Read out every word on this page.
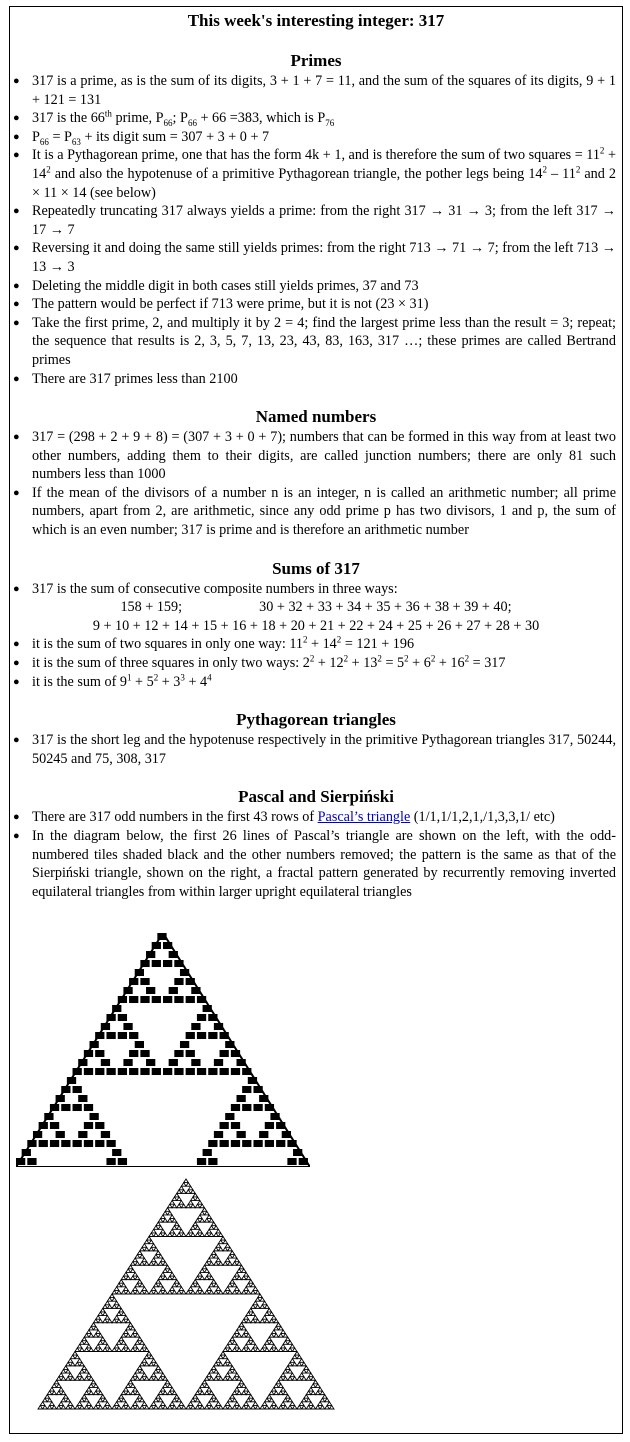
This week's interesting integer: 317
Primes
● 317 is a prime, as is the sum of its digits, 3 + 1 + 7 = 11, and the sum of the squares of its digits, 9 + 1 + 121 = 131
● 317 is the 66th prime, $P_{66}$; $P_{66} + 66 =383$, which is $P_{76}$
● $P_{66} = P_{63}$ + its digit sum = 307 + 3 + 0 + 7
● It is a Pythagorean prime, one that has the form 4k + 1, and is therefore the sum of two squares = $11^2 + 14^2$ and also the hypotenuse of a primitive Pythagorean triangle, the pother legs being $14^2 - 11^2$ and 2 × 11 × 14 (see below)
● Repeatedly truncating 317 always yields a prime: from the right 317 → 31 → 3; from the left 317 → 17 → 7
● Reversing it and doing the same still yields primes: from the right 713 → 71 → 7; from the left 713 → 13 → 3
● Deleting the middle digit in both cases still yields primes, 37 and 73
● The pattern would be perfect if 713 were prime, but it is not (23 × 31)
● Take the first prime, 2, and multiply it by 2 = 4; find the largest prime less than the result = 3; repeat; the sequence that results is 2, 3, 5, 7, 13, 23, 43, 83, 163, 317 …; these primes are called Bertrand primes
● There are 317 primes less than 2100
Named numbers
● 317 = (298 + 2 + 9 + 8) = (307 + 3 + 0 + 7); numbers that can be formed in this way from at least two other numbers, adding them to their digits, are called junction numbers; there are only 81 such numbers less than 1000
● If the mean of the divisors of a number n is an integer, n is called an arithmetic number; all prime numbers, apart from 2, are arithmetic, since any odd prime p has two divisors, 1 and p, the sum of which is an even number; 317 is prime and is therefore an arithmetic number
Sums of 317
● 317 is the sum of consecutive composite numbers in three ways:
158 + 159;	30 + 32 + 33 + 34 + 35 + 36 + 38 + 39 + 40;
9 + 10 + 12 + 14 + 15 + 16 + 18 + 20 + 21 + 22 + 24 + 25 + 26 + 27 + 28 + 30
● it is the sum of two squares in only one way: $11^2 + 14^2 = 121 + 196$
● it is the sum of three squares in only two ways: $2^2 + 12^2 + 13^2 = 5^2 + 6^2 + 16^2 = 317$
● it is the sum of $9^1 + 5^2 + 3^3 + 4^4$
Pythagorean triangles
● 317 is the short leg and the hypotenuse respectively in the primitive Pythagorean triangles 317, 50244, 50245 and 75, 308, 317
Pascal and Sierpiński
● There are 317 odd numbers in the first 43 rows of Pascal’s triangle (1/1,1/1,2,1,/1,3,3,1/ etc)
● In the diagram below, the first 26 lines of Pascal’s triangle are shown on the left, with the odd-numbered tiles shaded black and the other numbers removed; the pattern is the same as that of the Sierpiński triangle, shown on the right, a fractal pattern generated by recurrently removing inverted equilateral triangles from within larger upright equilateral triangles
